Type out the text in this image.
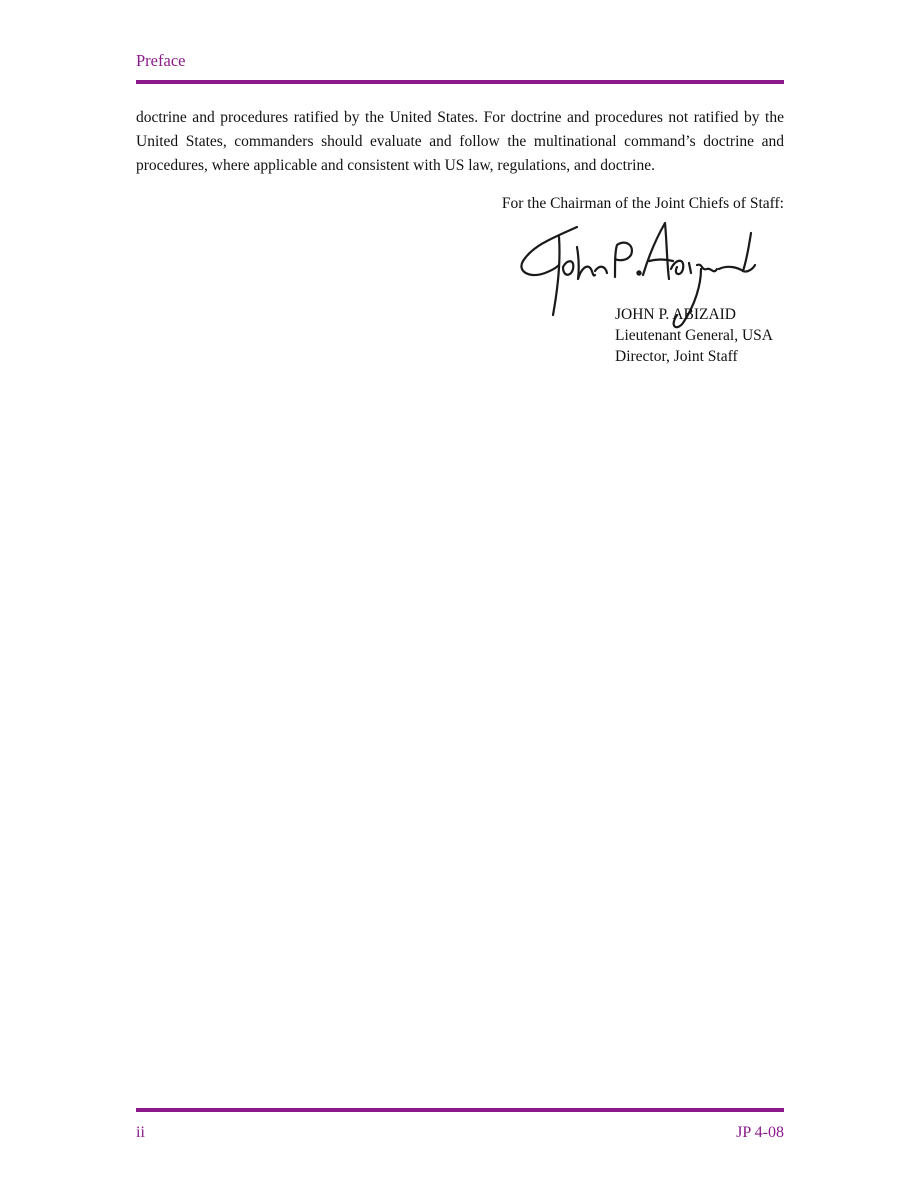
Preface
doctrine and procedures ratified by the United States. For doctrine and procedures not ratified by the United States, commanders should evaluate and follow the multinational command’s doctrine and procedures, where applicable and consistent with US law, regulations, and doctrine.
For the Chairman of the Joint Chiefs of Staff:
JOHN P. ABIZAID
Lieutenant General, USA
Director, Joint Staff
ii	JP 4-08
